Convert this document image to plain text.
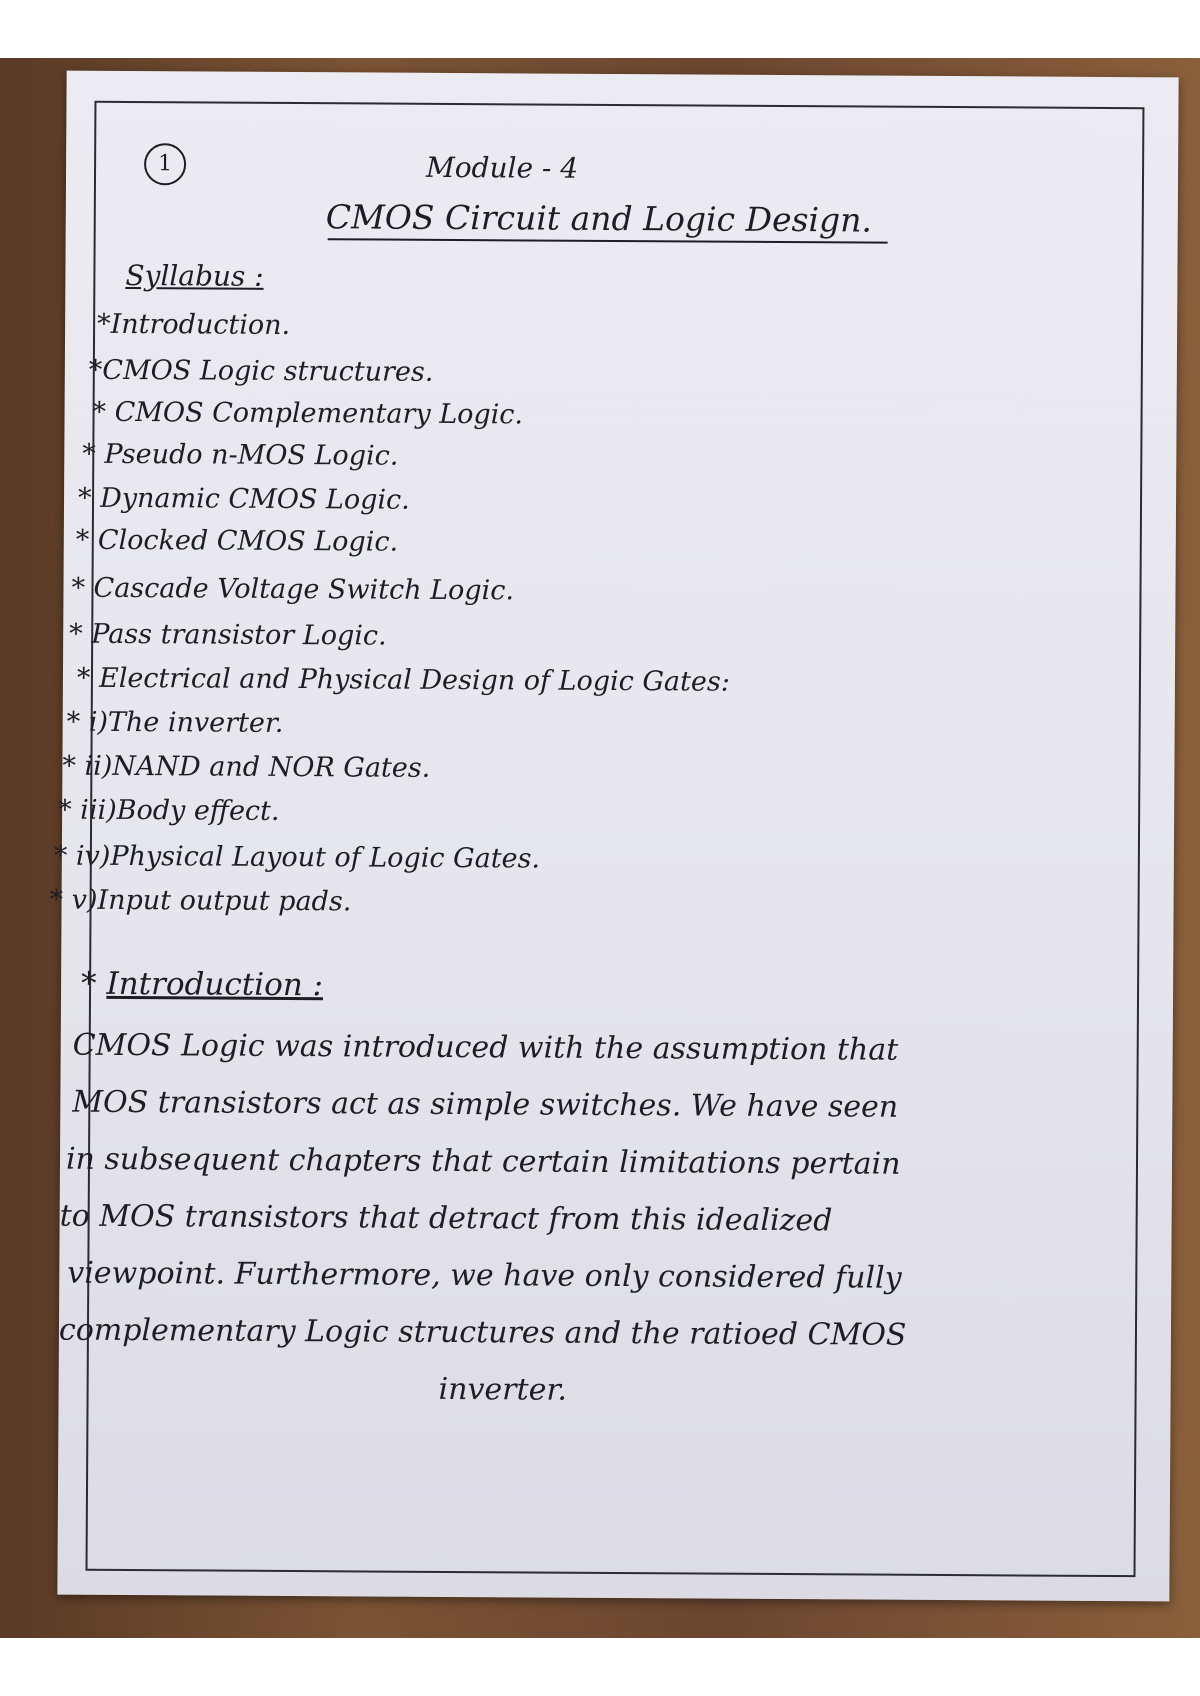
1	Module - 4
CMOS Circuit and Logic Design.
Syllabus :
*Introduction.
*CMOS Logic structures.
* CMOS Complementary Logic.
* Pseudo n-MOS Logic.
* Dynamic CMOS Logic.
* Clocked CMOS Logic.
* Cascade Voltage Switch Logic.
* Pass transistor Logic.
* Electrical and Physical Design of Logic Gates:
* i)The inverter.
* ii)NAND and NOR Gates.
* iii)Body effect.
* iv)Physical Layout of Logic Gates.
* v)Input output pads.
* Introduction :
CMOS Logic was introduced with the assumption that
MOS transistors act as simple switches. We have seen
in subsequent chapters that certain limitations pertain
to MOS transistors that detract from this idealized
viewpoint. Furthermore, we have only considered fully
complementary Logic structures and the ratioed CMOS
inverter.
